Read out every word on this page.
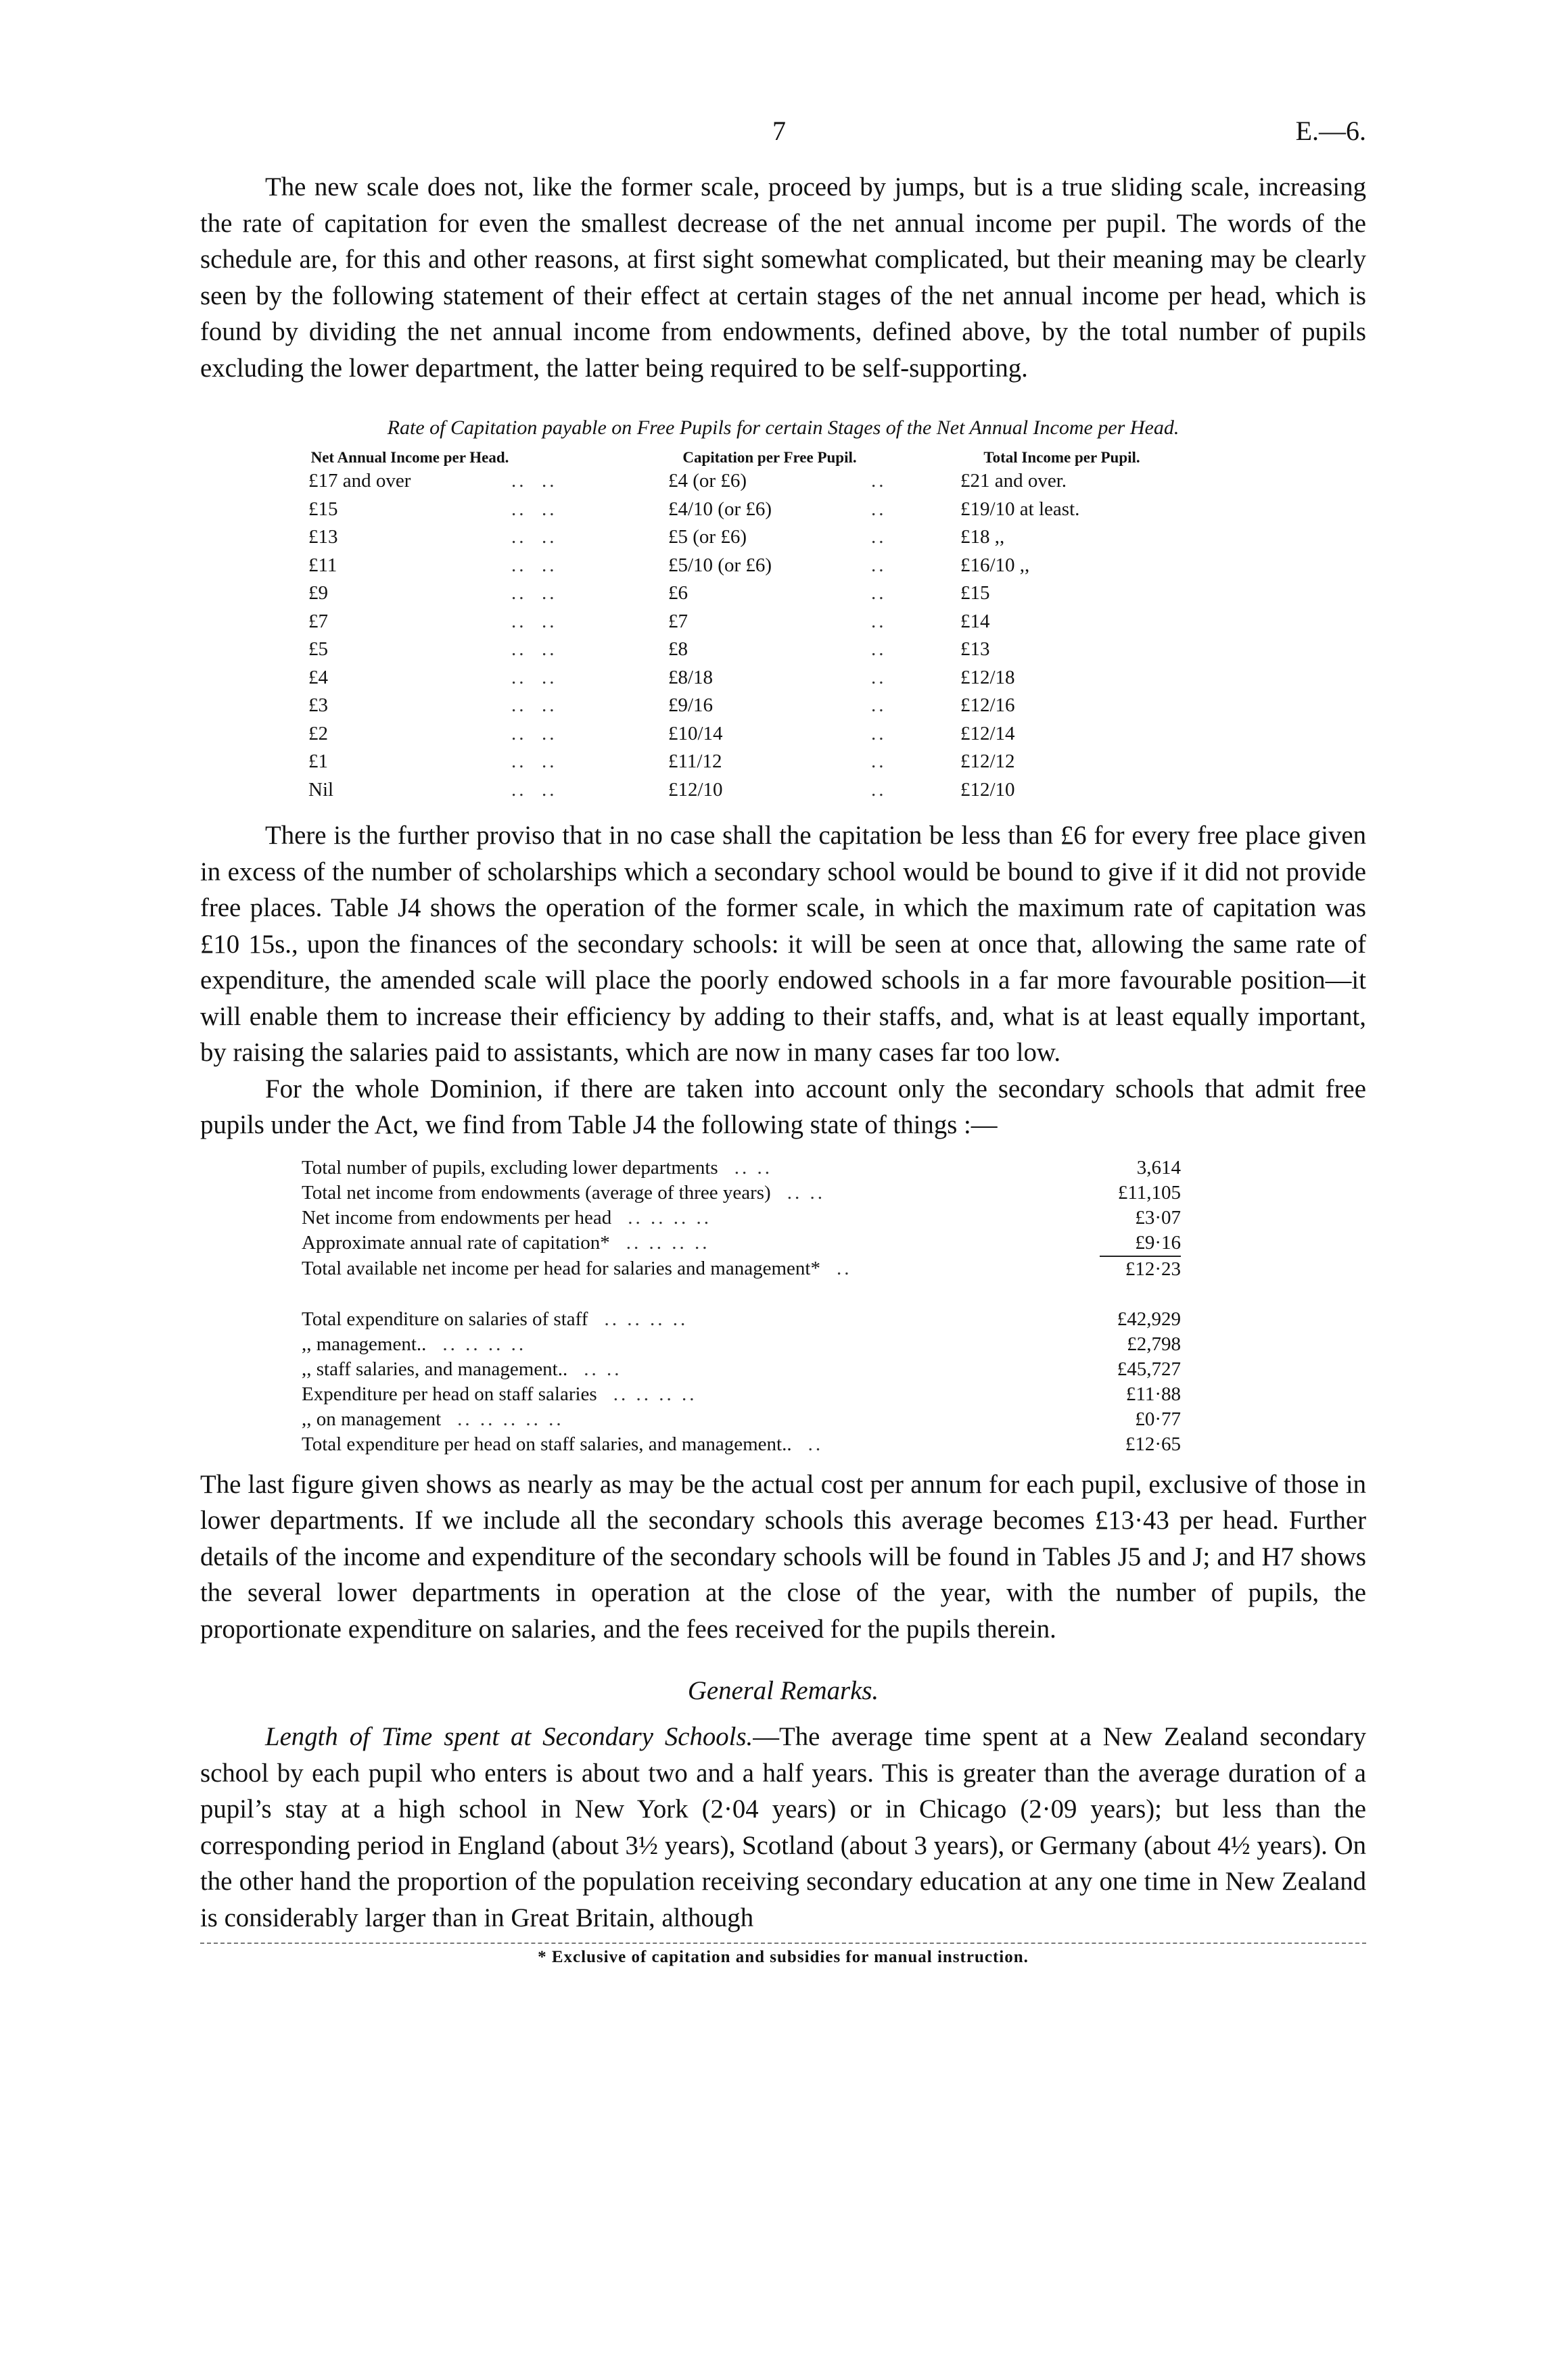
7	E.—6.

The new scale does not, like the former scale, proceed by jumps, but is a true sliding scale, increasing the rate of capitation for even the smallest decrease of the net annual income per pupil. The words of the schedule are, for this and other reasons, at first sight somewhat complicated, but their meaning may be clearly seen by the following statement of their effect at certain stages of the net annual income per head, which is found by dividing the net annual income from endowments, defined above, by the total number of pupils excluding the lower department, the latter being required to be self-supporting.

Rate of Capitation payable on Free Pupils for certain Stages of the Net Annual Income per Head.
Net Annual Income per Head.		Capitation per Free Pupil.		Total Income per Pupil.
£17 and over	..  ..	£4 (or £6)	..	£21 and over.
£15	..  ..	£4/10 (or £6)	..	£19/10 at least.
£13	..  ..	£5 (or £6)	..	£18 ,,
£11	..  ..	£5/10 (or £6)	..	£16/10 ,,
£9	..  ..	£6	..	£15
£7	..  ..	£7	..	£14
£5	..  ..	£8	..	£13
£4	..  ..	£8/18	..	£12/18
£3	..  ..	£9/16	..	£12/16
£2	..  ..	£10/14	..	£12/14
£1	..  ..	£11/12	..	£12/12
Nil	..  ..	£12/10	..	£12/10

There is the further proviso that in no case shall the capitation be less than £6 for every free place given in excess of the number of scholarships which a secondary school would be bound to give if it did not provide free places. Table J4 shows the operation of the former scale, in which the maximum rate of capitation was £10 15s., upon the finances of the secondary schools: it will be seen at once that, allowing the same rate of expenditure, the amended scale will place the poorly endowed schools in a far more favourable position—it will enable them to increase their efficiency by adding to their staffs, and, what is at least equally important, by raising the salaries paid to assistants, which are now in many cases far too low.

For the whole Dominion, if there are taken into account only the secondary schools that admit free pupils under the Act, we find from Table J4 the following state of things :—

Total number of pupils, excluding lower departments .. ..	3,614
Total net income from endowments (average of three years) .. ..	£11,105
Net income from endowments per head .. .. .. ..	£3·07
Approximate annual rate of capitation* .. .. .. ..	£9·16
Total available net income per head for salaries and management* ..	£12·23

Total expenditure on salaries of staff .. .. .. ..	£42,929
,, management.. .. .. .. ..	£2,798
,, staff salaries, and management.. .. ..	£45,727
Expenditure per head on staff salaries .. .. .. ..	£11·88
,, on management .. .. .. .. ..	£0·77
Total expenditure per head on staff salaries, and management.. ..	£12·65

The last figure given shows as nearly as may be the actual cost per annum for each pupil, exclusive of those in lower departments. If we include all the secondary schools this average becomes £13·43 per head. Further details of the income and expenditure of the secondary schools will be found in Tables J5 and J; and H7 shows the several lower departments in operation at the close of the year, with the number of pupils, the proportionate expenditure on salaries, and the fees received for the pupils therein.

General Remarks.

Length of Time spent at Secondary Schools.—The average time spent at a New Zealand secondary school by each pupil who enters is about two and a half years. This is greater than the average duration of a pupil’s stay at a high school in New York (2·04 years) or in Chicago (2·09 years); but less than the corresponding period in England (about 3½ years), Scotland (about 3 years), or Germany (about 4½ years). On the other hand the proportion of the population receiving secondary education at any one time in New Zealand is considerably larger than in Great Britain, although

* Exclusive of capitation and subsidies for manual instruction.
